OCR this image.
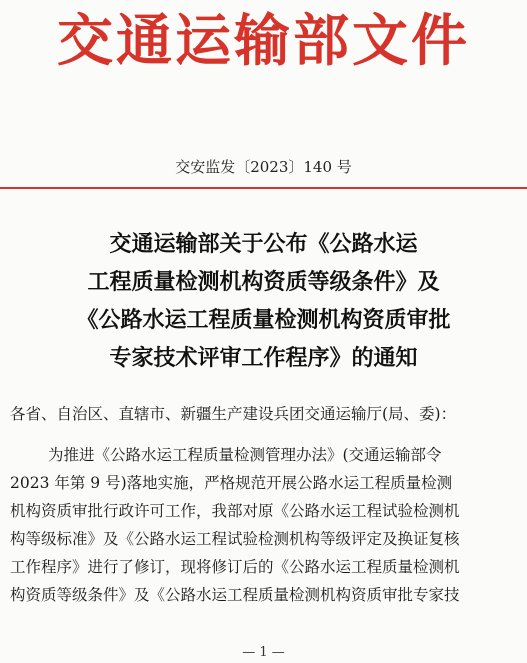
交通运输部文件
交安监发〔2023〕140 号
交通运输部关于公布《公路水运
工程质量检测机构资质等级条件》及
《公路水运工程质量检测机构资质审批
专家技术评审工作程序》的通知
各省、自治区、直辖市、新疆生产建设兵团交通运输厅(局、委)：
为推进《公路水运工程质量检测管理办法》(交通运输部令
2023 年第 9 号)落地实施，严格规范开展公路水运工程质量检测
机构资质审批行政许可工作，我部对原《公路水运工程试验检测机
构等级标准》及《公路水运工程试验检测机构等级评定及换证复核
工作程序》进行了修订，现将修订后的《公路水运工程质量检测机
构资质等级条件》及《公路水运工程质量检测机构资质审批专家技
— 1 —
